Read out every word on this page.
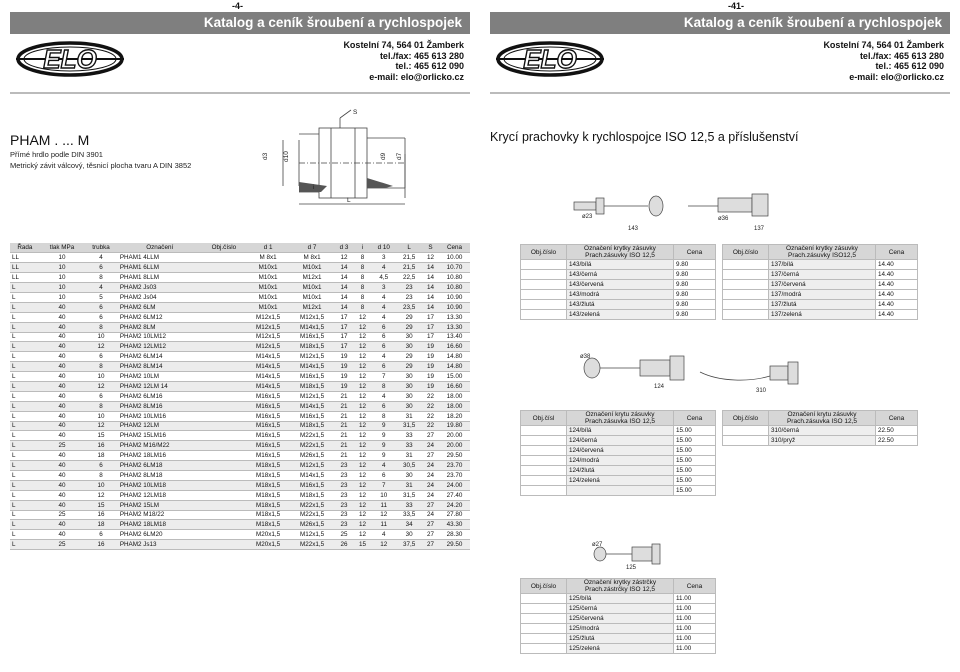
-4-
Katalog a ceník šroubení a rychlospojek
ELO	Kostelní 74, 564 01 Žamberk
tel./fax: 465 613 280
tel.: 465 612 090
e-mail: elo@orlicko.cz
PHAM . ... M
Přímé hrdlo podle DIN 3901
Metrický závit válcový, těsnicí plocha tvaru A DIN 3852
S
d3 d10	d9 d7
i
L
Řada	tlak MPa	trubka	Označení	Obj.číslo	d 1	d 7	d 3	i	d 10	L	S	Cena
LL	10	4	PHAM1 4LLM		M 8x1	M 8x1	12	8	3	21,5	12	10.00
LL	10	6	PHAM1 6LLM		M10x1	M10x1	14	8	4	21,5	14	10.70
LL	10	8	PHAM1 8LLM		M10x1	M12x1	14	8	4,5	22,5	14	10.80
L	10	4	PHAM2 Js03		M10x1	M10x1	14	8	3	23	14	10.80
L	10	5	PHAM2 Js04		M10x1	M10x1	14	8	4	23	14	10.90
L	40	6	PHAM2 6LM		M10x1	M12x1	14	8	4	23,5	14	10.90
L	40	6	PHAM2 6LM12		M12x1,5	M12x1,5	17	12	4	29	17	13.30
L	40	8	PHAM2 8LM		M12x1,5	M14x1,5	17	12	6	29	17	13.30
L	40	10	PHAM2 10LM12		M12x1,5	M16x1,5	17	12	6	30	17	13.40
L	40	12	PHAM2 12LM12		M12x1,5	M18x1,5	17	12	6	30	19	16.60
L	40	6	PHAM2 6LM14		M14x1,5	M12x1,5	19	12	4	29	19	14.80
L	40	8	PHAM2 8LM14		M14x1,5	M14x1,5	19	12	6	29	19	14.80
L	40	10	PHAM2 10LM		M14x1,5	M16x1,5	19	12	7	30	19	15.00
L	40	12	PHAM2 12LM 14		M14x1,5	M18x1,5	19	12	8	30	19	16.60
L	40	6	PHAM2 6LM16		M16x1,5	M12x1,5	21	12	4	30	22	18.00
L	40	8	PHAM2 8LM16		M16x1,5	M14x1,5	21	12	6	30	22	18.00
L	40	10	PHAM2 10LM16		M16x1,5	M16x1,5	21	12	8	31	22	18.20
L	40	12	PHAM2 12LM		M16x1,5	M18x1,5	21	12	9	31,5	22	19.80
L	40	15	PHAM2 15LM16		M16x1,5	M22x1,5	21	12	9	33	27	20.00
L	25	16	PHAM2 M16/M22		M16x1,5	M22x1,5	21	12	9	33	24	20.00
L	40	18	PHAM2 18LM16		M16x1,5	M26x1,5	21	12	9	31	27	29.50
L	40	6	PHAM2 6LM18		M18x1,5	M12x1,5	23	12	4	30,5	24	23.70
L	40	8	PHAM2 8LM18		M18x1,5	M14x1,5	23	12	6	30	24	23.70
L	40	10	PHAM2 10LM18		M18x1,5	M16x1,5	23	12	7	31	24	24.00
L	40	12	PHAM2 12LM18		M18x1,5	M18x1,5	23	12	10	31,5	24	27.40
L	40	15	PHAM2 15LM		M18x1,5	M22x1,5	23	12	11	33	27	24.20
L	25	16	PHAM2 M18/22		M18x1,5	M22x1,5	23	12	12	33,5	24	27.80
L	40	18	PHAM2 18LM18		M18x1,5	M26x1,5	23	12	11	34	27	43.30
L	40	6	PHAM2 6LM20		M20x1,5	M12x1,5	25	12	4	30	27	28.30
L	25	16	PHAM2 Js13		M20x1,5	M22x1,5	26	15	12	37,5	27	29.50
-41-
Katalog a ceník šroubení a rychlospojek
ELO	Kostelní 74, 564 01 Žamberk
tel./fax: 465 613 280
tel.: 465 612 090
e-mail: elo@orlicko.cz
Krycí prachovky k rychlospojce ISO 12,5 a příslušenství
ø23
143
ø36
137
Obj.číslo	Označení krytky zásuvky
Prach.zásuvky ISO 12,5	Cena
	143/bílá	9.80
	143/černá	9.80
	143/červená	9.80
	143/modrá	9.80
	143/žlutá	9.80
	143/zelená	9.80
Obj.číslo	Označení krytky zásuvky
Prach.zásuvky ISO12,5	Cena
	137/bílá	14.40
	137/černá	14.40
	137/červená	14.40
	137/modrá	14.40
	137/žlutá	14.40
	137/zelená	14.40
ø38
124
310
Obj.čísl	Označení krytu zásuvky
Prach.zásuvka ISO 12,5	Cena
	124/bílá	15.00
	124/černá	15.00
	124/červená	15.00
	124/modrá	15.00
	124/žlutá	15.00
	124/zelená	15.00
		15.00
Obj.číslo	Označení krytu zásuvky
Prach.zásuvka ISO 12,5	Cena
	310/černá	22.50
	310/pryž	22.50
ø27
125
Obj.číslo	Označení krytky zástrčky
Prach.zástrčky ISO 12,5	Cena
	125/bílá	11.00
	125/černá	11.00
	125/červená	11.00
	125/modrá	11.00
	125/žlutá	11.00
	125/zelená	11.00
